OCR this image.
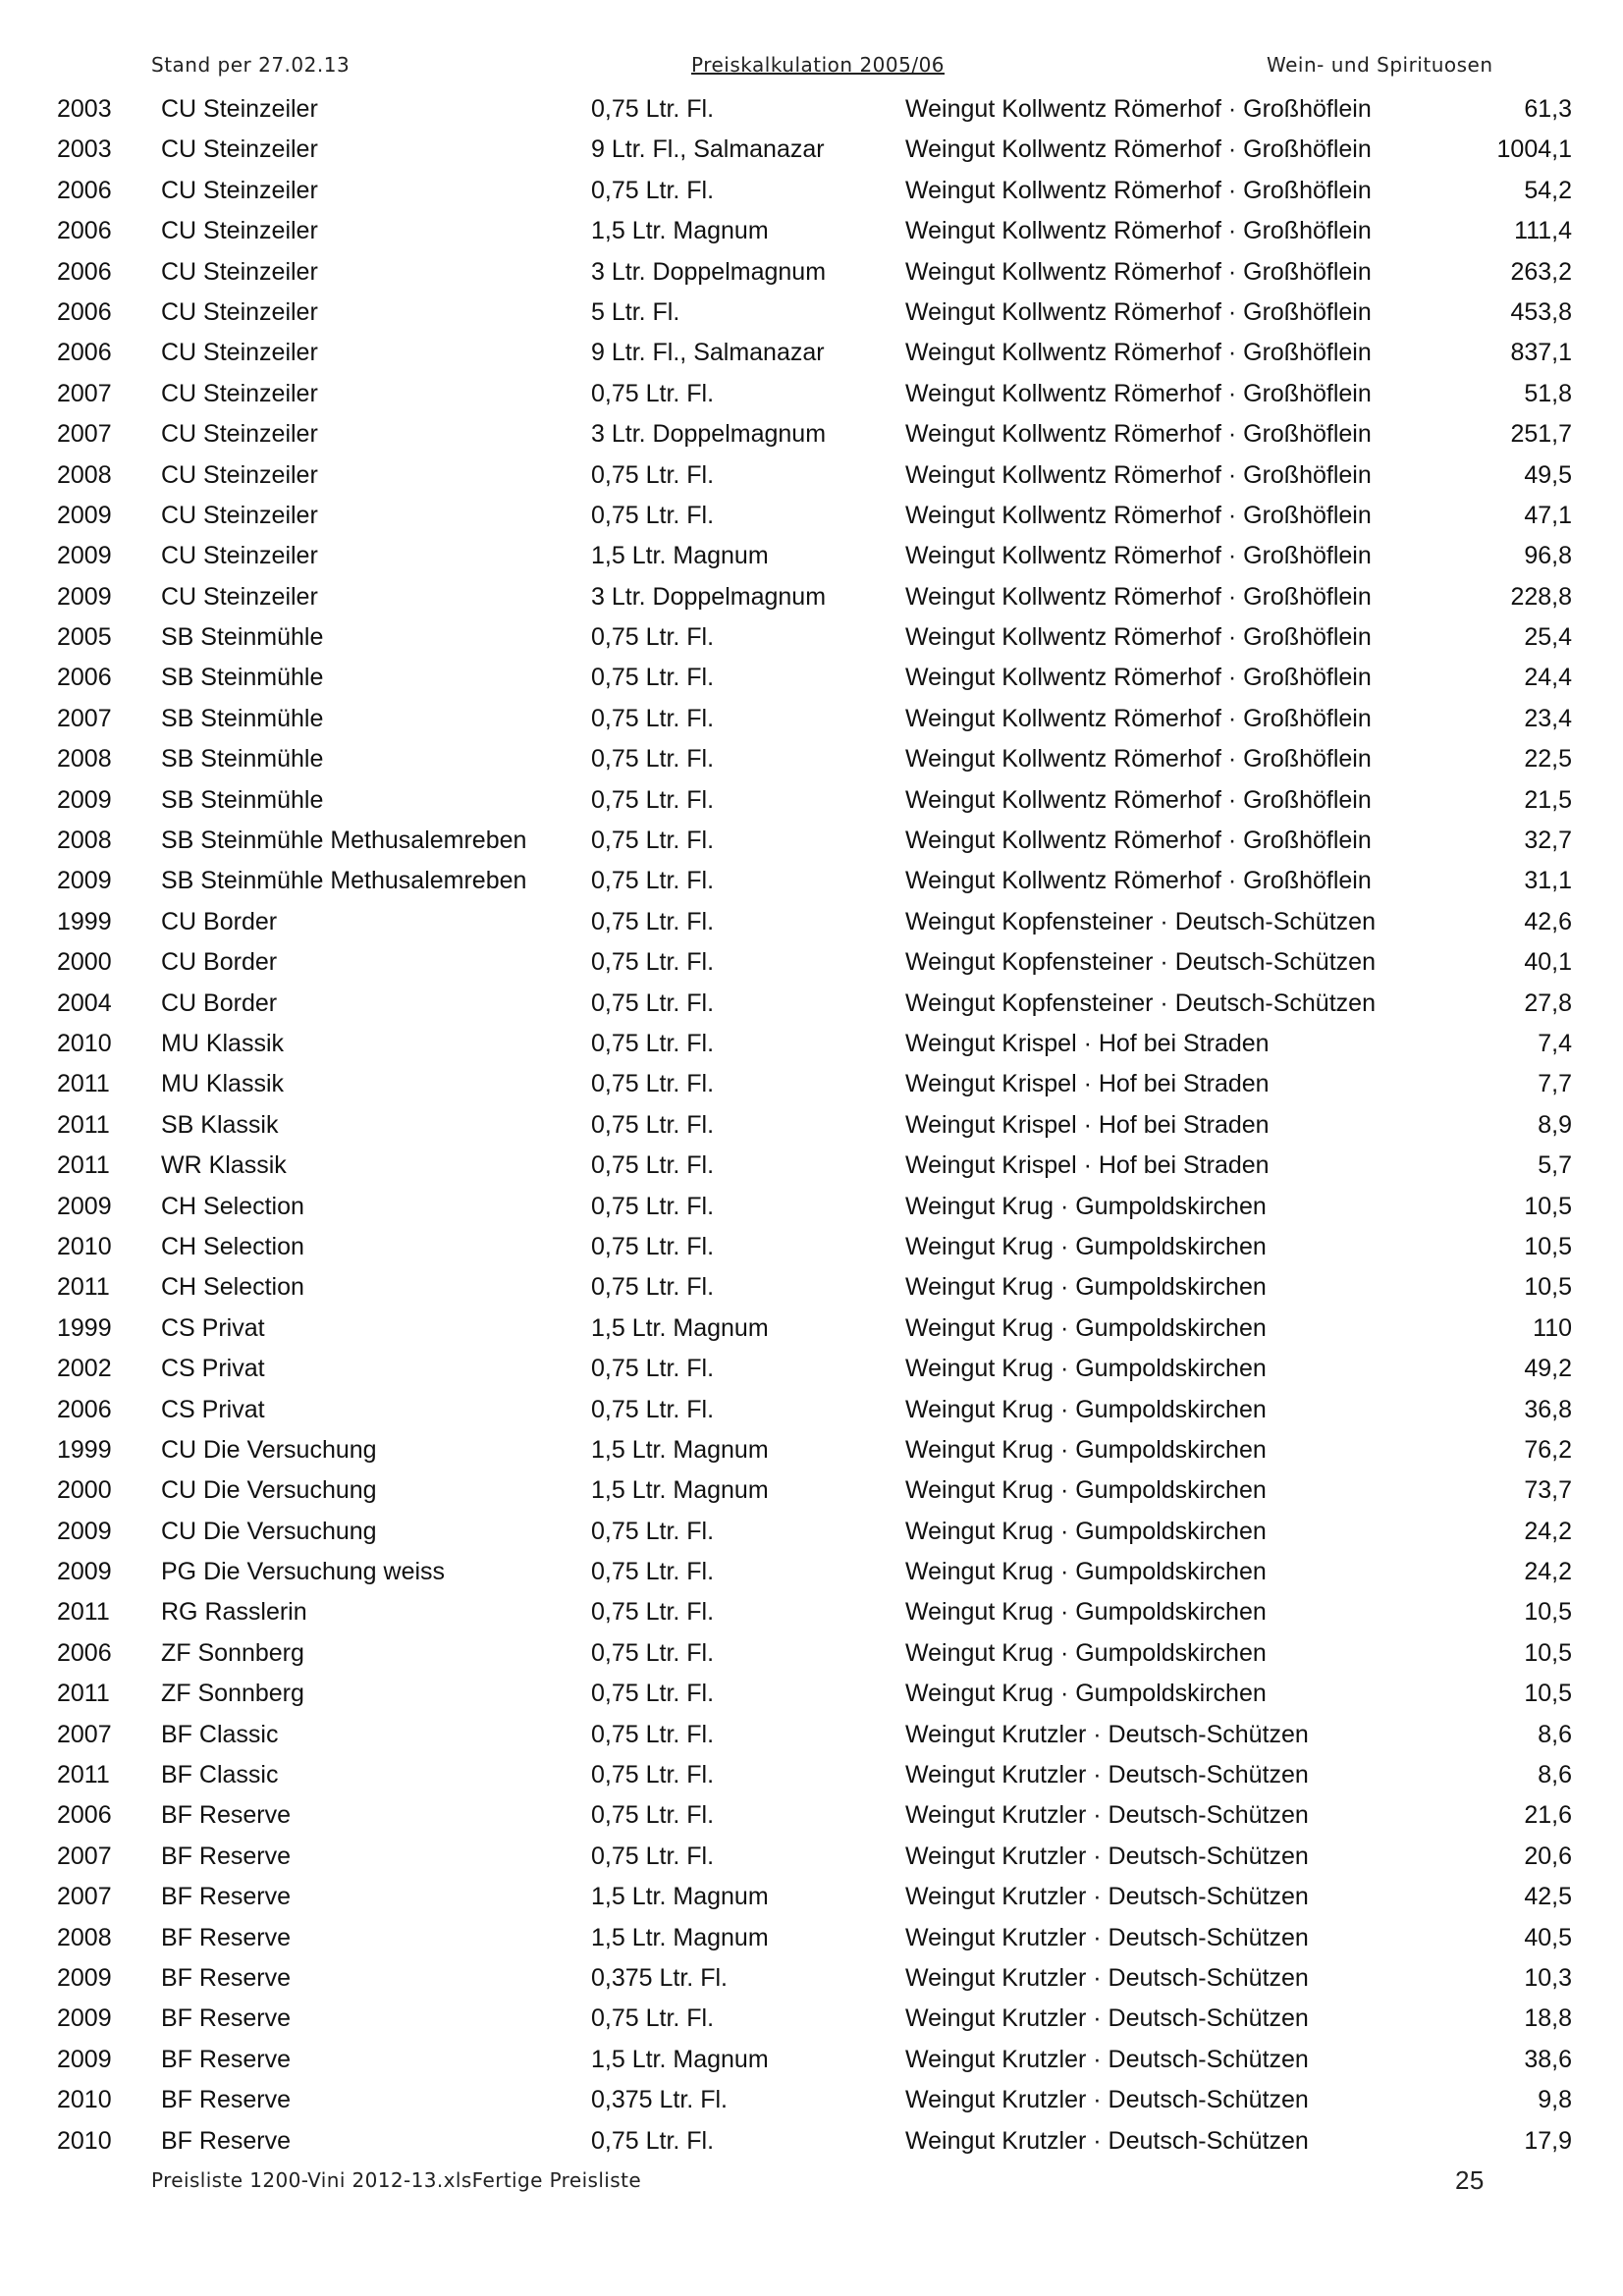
Stand per 27.02.13	Preiskalkulation 2005/06	Wein- und Spirituosen
2003 CU Steinzeiler	0,75 Ltr. Fl.	Weingut Kollwentz Römerhof · Großhöflein	61,3
2003 CU Steinzeiler	9 Ltr. Fl., Salmanazar	Weingut Kollwentz Römerhof · Großhöflein	1004,1
2006 CU Steinzeiler	0,75 Ltr. Fl.	Weingut Kollwentz Römerhof · Großhöflein	54,2
2006 CU Steinzeiler	1,5 Ltr. Magnum	Weingut Kollwentz Römerhof · Großhöflein	111,4
2006 CU Steinzeiler	3 Ltr. Doppelmagnum	Weingut Kollwentz Römerhof · Großhöflein	263,2
2006 CU Steinzeiler	5 Ltr. Fl.	Weingut Kollwentz Römerhof · Großhöflein	453,8
2006 CU Steinzeiler	9 Ltr. Fl., Salmanazar	Weingut Kollwentz Römerhof · Großhöflein	837,1
2007 CU Steinzeiler	0,75 Ltr. Fl.	Weingut Kollwentz Römerhof · Großhöflein	51,8
2007 CU Steinzeiler	3 Ltr. Doppelmagnum	Weingut Kollwentz Römerhof · Großhöflein	251,7
2008 CU Steinzeiler	0,75 Ltr. Fl.	Weingut Kollwentz Römerhof · Großhöflein	49,5
2009 CU Steinzeiler	0,75 Ltr. Fl.	Weingut Kollwentz Römerhof · Großhöflein	47,1
2009 CU Steinzeiler	1,5 Ltr. Magnum	Weingut Kollwentz Römerhof · Großhöflein	96,8
2009 CU Steinzeiler	3 Ltr. Doppelmagnum	Weingut Kollwentz Römerhof · Großhöflein	228,8
2005 SB Steinmühle	0,75 Ltr. Fl.	Weingut Kollwentz Römerhof · Großhöflein	25,4
2006 SB Steinmühle	0,75 Ltr. Fl.	Weingut Kollwentz Römerhof · Großhöflein	24,4
2007 SB Steinmühle	0,75 Ltr. Fl.	Weingut Kollwentz Römerhof · Großhöflein	23,4
2008 SB Steinmühle	0,75 Ltr. Fl.	Weingut Kollwentz Römerhof · Großhöflein	22,5
2009 SB Steinmühle	0,75 Ltr. Fl.	Weingut Kollwentz Römerhof · Großhöflein	21,5
2008 SB Steinmühle Methusalemreben	0,75 Ltr. Fl.	Weingut Kollwentz Römerhof · Großhöflein	32,7
2009 SB Steinmühle Methusalemreben	0,75 Ltr. Fl.	Weingut Kollwentz Römerhof · Großhöflein	31,1
1999 CU Border	0,75 Ltr. Fl.	Weingut Kopfensteiner · Deutsch-Schützen	42,6
2000 CU Border	0,75 Ltr. Fl.	Weingut Kopfensteiner · Deutsch-Schützen	40,1
2004 CU Border	0,75 Ltr. Fl.	Weingut Kopfensteiner · Deutsch-Schützen	27,8
2010 MU Klassik	0,75 Ltr. Fl.	Weingut Krispel · Hof bei Straden	7,4
2011 MU Klassik	0,75 Ltr. Fl.	Weingut Krispel · Hof bei Straden	7,7
2011 SB Klassik	0,75 Ltr. Fl.	Weingut Krispel · Hof bei Straden	8,9
2011 WR Klassik	0,75 Ltr. Fl.	Weingut Krispel · Hof bei Straden	5,7
2009 CH Selection	0,75 Ltr. Fl.	Weingut Krug · Gumpoldskirchen	10,5
2010 CH Selection	0,75 Ltr. Fl.	Weingut Krug · Gumpoldskirchen	10,5
2011 CH Selection	0,75 Ltr. Fl.	Weingut Krug · Gumpoldskirchen	10,5
1999 CS Privat	1,5 Ltr. Magnum	Weingut Krug · Gumpoldskirchen	110
2002 CS Privat	0,75 Ltr. Fl.	Weingut Krug · Gumpoldskirchen	49,2
2006 CS Privat	0,75 Ltr. Fl.	Weingut Krug · Gumpoldskirchen	36,8
1999 CU Die Versuchung	1,5 Ltr. Magnum	Weingut Krug · Gumpoldskirchen	76,2
2000 CU Die Versuchung	1,5 Ltr. Magnum	Weingut Krug · Gumpoldskirchen	73,7
2009 CU Die Versuchung	0,75 Ltr. Fl.	Weingut Krug · Gumpoldskirchen	24,2
2009 PG Die Versuchung weiss	0,75 Ltr. Fl.	Weingut Krug · Gumpoldskirchen	24,2
2011 RG Rasslerin	0,75 Ltr. Fl.	Weingut Krug · Gumpoldskirchen	10,5
2006 ZF Sonnberg	0,75 Ltr. Fl.	Weingut Krug · Gumpoldskirchen	10,5
2011 ZF Sonnberg	0,75 Ltr. Fl.	Weingut Krug · Gumpoldskirchen	10,5
2007 BF Classic	0,75 Ltr. Fl.	Weingut Krutzler · Deutsch-Schützen	8,6
2011 BF Classic	0,75 Ltr. Fl.	Weingut Krutzler · Deutsch-Schützen	8,6
2006 BF Reserve	0,75 Ltr. Fl.	Weingut Krutzler · Deutsch-Schützen	21,6
2007 BF Reserve	0,75 Ltr. Fl.	Weingut Krutzler · Deutsch-Schützen	20,6
2007 BF Reserve	1,5 Ltr. Magnum	Weingut Krutzler · Deutsch-Schützen	42,5
2008 BF Reserve	1,5 Ltr. Magnum	Weingut Krutzler · Deutsch-Schützen	40,5
2009 BF Reserve	0,375 Ltr. Fl.	Weingut Krutzler · Deutsch-Schützen	10,3
2009 BF Reserve	0,75 Ltr. Fl.	Weingut Krutzler · Deutsch-Schützen	18,8
2009 BF Reserve	1,5 Ltr. Magnum	Weingut Krutzler · Deutsch-Schützen	38,6
2010 BF Reserve	0,375 Ltr. Fl.	Weingut Krutzler · Deutsch-Schützen	9,8
2010 BF Reserve	0,75 Ltr. Fl.	Weingut Krutzler · Deutsch-Schützen	17,9
Preisliste 1200-Vini 2012-13.xlsFertige Preisliste	25
